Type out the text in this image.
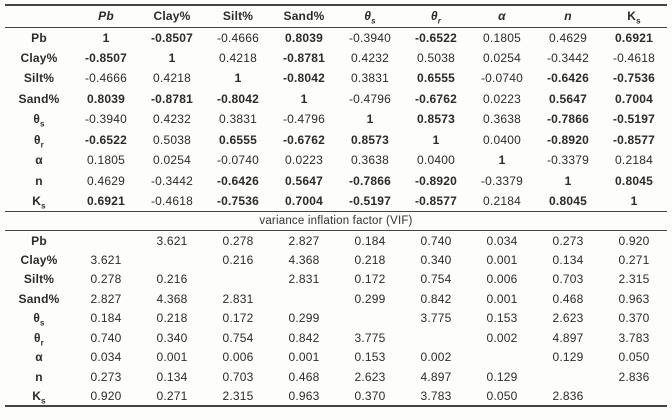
	Pb	Clay%	Silt%	Sand%	$\theta_s$	$\theta_r$	α	n	$K_s$
Pb	1	-0.8507	-0.4666	0.8039	-0.3940	-0.6522	0.1805	0.4629	0.6921
Clay%	-0.8507	1	0.4218	-0.8781	0.4232	0.5038	0.0254	-0.3442	-0.4618
Silt%	-0.4666	0.4218	1	-0.8042	0.3831	0.6555	-0.0740	-0.6426	-0.7536
Sand%	0.8039	-0.8781	-0.8042	1	-0.4796	-0.6762	0.0223	0.5647	0.7004
$\theta_s$	-0.3940	0.4232	0.3831	-0.4796	1	0.8573	0.3638	-0.7866	-0.5197
$\theta_r$	-0.6522	0.5038	0.6555	-0.6762	0.8573	1	0.0400	-0.8920	-0.8577
α	0.1805	0.0254	-0.0740	0.0223	0.3638	0.0400	1	-0.3379	0.2184
n	0.4629	-0.3442	-0.6426	0.5647	-0.7866	-0.8920	-0.3379	1	0.8045
$K_s$	0.6921	-0.4618	-0.7536	0.7004	-0.5197	-0.8577	0.2184	0.8045	1
variance inflation factor (VIF)									
Pb		3.621	0.278	2.827	0.184	0.740	0.034	0.273	0.920
Clay%	3.621		0.216	4.368	0.218	0.340	0.001	0.134	0.271
Silt%	0.278	0.216		2.831	0.172	0.754	0.006	0.703	2.315
Sand%	2.827	4.368	2.831		0.299	0.842	0.001	0.468	0.963
$\theta_s$	0.184	0.218	0.172	0.299		3.775	0.153	2.623	0.370
$\theta_r$	0.740	0.340	0.754	0.842	3.775		0.002	4.897	3.783
α	0.034	0.001	0.006	0.001	0.153	0.002		0.129	0.050
n	0.273	0.134	0.703	0.468	2.623	4.897	0.129		2.836
$K_s$	0.920	0.271	2.315	0.963	0.370	3.783	0.050	2.836	
